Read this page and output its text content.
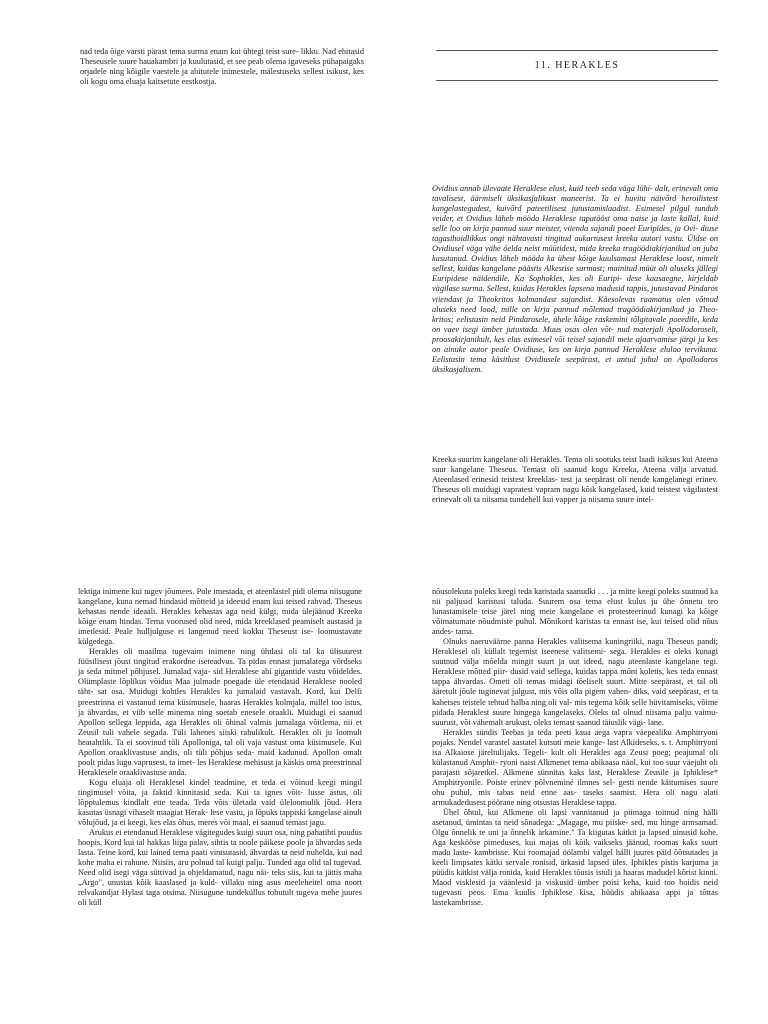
nad teda õige varsti pärast tema surma enam kui ühtegi teist sure- likku. Nad ehitasid Theseusele suure hauakambri ja kuulutasid, et see peab olema igaveseks pühapaigaks orjadele ning kõigile vaestele ja abitutele inimestele, mälestuseks sellest isikust, kes oli kogu oma eluaja kaitsetute eestkostja.

11. HERAKLES

Ovidius annab ülevaate Heraklese elust, kuid teeb seda väga lühi- dalt, erinevalt oma tavalisest, äärmiselt üksikasjalikust maneerist. Ta ei huvitu näivõrd heroilistest kangelastegudest, kuivõrd pateetilisest jutustamislaadist. Esimesel pilgul tundub veider, et Ovidius läheb mööda Heraklese tapatööst oma naise ja laste kallal, kuid selle loo on kirja pannud suur meister, viienda sajandi poeet Euripides, ja Ovi- diuse tagasihoidlikkus ongi nähtavasti tingitud aukartusest kreeka autori vastu. Üldse on Ovidiusel väga vähe öelda neist müütidest, mida kreeka tragöödiakirjanikud on juba kasutanud. Ovidius läheb mööda ka ühest kõige kuulsamast Heraklese loost, nimelt sellest, kuidas kangelane päästis Alkestise surmast; mainitud müüt oli aluseks jällegi Euripidese näidendile. Ka Sophokles, kes oli Euripi- dese kaasaegne, kirjeldab vägilase surma. Sellest, kuidas Herakles lapsena madusid tappis, jutustavad Pindaros viiendast ja Theokritos kolmandast sajandist. Käesolevas raamatus olen võtnud aluseks need lood, mille on kirja pannud mõlemad tragöödiakirjanikud ja Theo- kritos; eelistasin neid Pindarosele, ühele kõige raskemini tõlgitavale poeedile, keda on vaev isegi ümber jutustada. Muus osas olen võt- nud materjali Apollodoroselt, proosakirjanikult, kes elas esimesel või teisel sajandil meie ajaarvamise järgi ja kes on ainuke autor peale Ovidiuse, kes on kirja pannud Heraklese eluloo tervikuna. Eelistasin tema käsitlust Ovidiusele seepärast, et antud juhul on Apollodoros üksikasjalisem.

Kreeka suurim kangelane oli Herakles. Tema oli sootuks teist laadi isiksus kui Ateena suur kangelane Theseus. Temast oli saanud kogu Kreeka, Ateena välja arvatud. Ateenlased erinesid teistest kreeklas- test ja seepärast oli nende kangelanegi erinev. Theseus oli muidugi vapratest vapram nagu kõik kangelased, kuid teistest vägilastest erinevalt oli ta niisama tundehell kui vapper ja niisama suure intel-

lektiga inimene kui tugev jõumees. Pole imestada, et ateenlastel pidi olema niisugune kangelane, kuna nemad hindasid mõtteid ja ideesid enam kui teised rahvad. Theseus kehastas nende ideaali. Herakles kehastas aga neid külgi, mida ülejäänud Kreeka kõige enam hindas. Tema voorused olid need, mida kreeklased peamiselt austasid ja imetlesid. Peale hulljulguse ei langenud need kokku Theseust ise- loomustavate külgedega.

Herakles oli maailma tugevaim inimene ning ühtlasi oli tal ka ülisuurest füüsilisest jõust tingitud erakordne iseteadvus. Ta pidas ennast jumalatega võrdseks ja seda mitmel põhjusel. Jumalad vaja- sid Heraklese abi gigantide vastu võideldes. Olümplaste lõplikus võidus Maa julmade poegade üle etendasid Heraklese nooled täht- sat osa. Muidugi kohtles Herakles ka jumalaid vastavalt. Kord, kui Delfi preestrinna ei vastanud tema küsimusele, haaras Herakles kolmjala, millel too istus, ja ähvardas, et viib selle minema ning soetab enesele oraakli. Muidugi ei saanud Apollon sellega leppida, aga Herakles oli õhinal valmis jumalaga võitlema, nii et Zeusil tuli vahele segada. Tüli lahenes siiski rahulikult. Herakles oli ju loomult heatahtlik. Ta ei soovinud tüli Apolloniga, tal oli vaja vastust oma küsimusele. Kui Apollon oraaklivastuse andis, oli tüli põhjus seda- maid kadunud. Apollon omalt poolt pidas lugu vaprusest, ta imet- les Heraklese mehisust ja käskis oma preestrinnal Heraklesele oraaklivastuse anda.

Kogu eluaja oli Heraklesel kindel teadmine, et teda ei võinud keegi mingil tingimusel võita, ja faktid kinnitasid seda. Kui ta ignes võit- lusse astus, oli lõpptulemus kindlalt ette teada. Teda võis ületada vaid üleloomulik jõud. Hera kasutas üsnagi vihaselt maagiat Herak- lese vastu, ja lõpuks tappiski kangelase ainult võlujõud, ja ei keegi, kes elas õhus, meres või maal, ei saanud temast jagu.

Arukus ei etendanud Heraklese vägitegudes kuigi suurt osa, ning pahatihti puudus hoopis. Kord kui tal hakkas liiga palav, sihtis ta noole päikese poole ja ähvardas seda lasta. Teine kord, kui lained tema paati vintsutasid, ähvardas ta neid nuhelda, kui nad kohe maha ei rahune. Niisiis, aru polnud tal kuigi palju. Tunded aga olid tal tugevad. Need olid isegi väga süttivad ja ohjeldamatud, nagu näi- teks siis, kui ta jättis maha „Argo", unustas kõik kaaslased ja kuld- villaku ning asus meeleheitel oma noort relvakandjat Hylast taga otsima. Niisugune tundeküllus tohutult tugeva mehe juures oli küll

nõusolekuta poleks keegi teda karistada saanudki . . . ja mitte keegi poleks suutnud ka nii paljusid karistusi taluda. Suurem osa tema elust kulus ju ühe õnnetu teo lunastamisele teise järel ning meie kangelane ei protesteerinud kunagi ka kõige võimatumate nõudmiste puhul. Mõnikord karistas ta ennast ise, kui teised olid nõus andes- tama.

Olnuks naeruväärne panna Herakles valitsema kuningriiki, nagu Theseus pandi; Heraklesel oli küllalt tegemist iseenese valitsemi- sega. Herakles ei oleks kunagi suutnud välja mõelda mingit suurt ja uut ideed, nagu ateenlaste kangelane tegi. Heraklese mõtted piir- dusid vaid sellega, kuidas tappa mõni koletis, kes teda ennast tappa ähvardas. Ometi oli temas midagi tõeliselt suurt. Mitte seepärast, et tal oli ääretult jõule tuginevat julgust, mis võis olla pigem vahen- diks, vaid seepärast, et ta kahetses teistele tehtud halba ning oli val- mis tegema kõik selle hüvitamiseks, võime pidada Heraklest suure hingega kangelaseks. Oleks tal olnud niisama palju vaimu- suurust, või vähemalt arukust, oleks temast saanud täiuslik vägi- lane.

Herakles sündis Teebas ja teda peeti kaua aega vapra väepealiku Amphitryoni pojaks. Nendel varastel aastatel kutsuti meie kange- last Alkideseks, s. t. Amphitryoni isa Alkaiose järeltulijaks. Tegeli- kult oli Herakles aga Zeusi poeg; peajumal oli külastanud Amphit- ryoni naist Alkmenet tema abikaasa näol, kui too suur väejuht oli parajasti sõjaretkel. Alkmene sünnitas kaks last, Heraklese Zeusile ja Iphiklese* Amphitryonile. Poiste erinev põlvneminé ilmnes sel- gesti nende käitumises suure ohu puhul, mis tabas neid enne aas- taseks saamist. Hera oli nagu alati armukadedusest pöörane ning otsustas Heraklese tappa.

Ühel õhtul, kui Alkmene oli lapsi vannitanud ja piimaga toitnud ning hälli asetanud, ümintas ta neid sõnadega: „Magage, mu piiske- sed, mu hinge armsamad. Olgu õnnelik te uni ja õnnelik ärkamine." Ta kiigutas kätkit ja lapsed uinusid kohe. Aga keskööse pimeduses, kui majas oli kõik vaikseks jäänud, roomas kaks suurt madu laste- kambrisse. Kui roomajad öölambi valgel hälli juures päid õõtsutades ja keeli limpsates kätki servale ronisid, ärkasid lapsed üles. Iphikles pistis karjuma ja püüdis kätkist välja ronida, kuid Herakles tõusis istuli ja haaras madudel kõrist kinni. Maod visklesid ja väänlesid ja viskusid ümber poisi keha, kuid too hoidis neid tugevasti peos. Ema kuulis Iphiklese kisa, hüüdis abikaasa appi ja tõttas lastekambrisse.
